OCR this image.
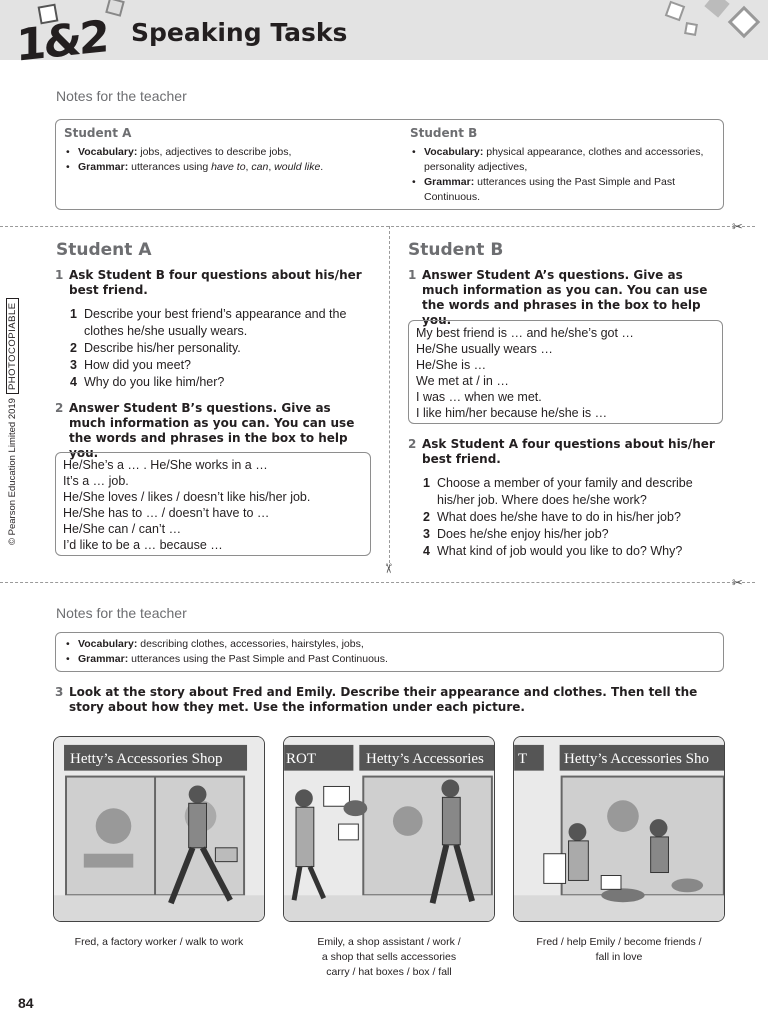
1&2 Speaking Tasks
© Pearson Education Limited 2019
PHOTOCOPIABLE
Notes for the teacher
Student A
• Vocabulary: jobs, adjectives to describe jobs,
• Grammar: utterances using have to, can, would like.
Student B
• Vocabulary: physical appearance, clothes and accessories, personality adjectives,
• Grammar: utterances using the Past Simple and Past Continuous.
✂
✂
✂
Student A
1 Ask Student B four questions about his/her best friend.
1 Describe your best friend’s appearance and the clothes he/she usually wears.
2 Describe his/her personality.
3 How did you meet?
4 Why do you like him/her?
2 Answer Student B’s questions. Give as much information as you can. You can use the words and phrases in the box to help you.
He/She’s a … . He/She works in a …
It’s a … job.
He/She loves / likes / doesn’t like his/her job.
He/She has to … / doesn’t have to …
He/She can / can’t …
I’d like to be a … because …
Student B
1 Answer Student A’s questions. Give as much information as you can. You can use the words and phrases in the box to help you.
My best friend is … and he/she’s got …
He/She usually wears …
He/She is …
We met at / in …
I was … when we met.
I like him/her because he/she is …
2 Ask Student A four questions about his/her best friend.
1 Choose a member of your family and describe his/her job. Where does he/she work?
2 What does he/she have to do in his/her job?
3 Does he/she enjoy his/her job?
4 What kind of job would you like to do? Why?
Notes for the teacher
• Vocabulary: describing clothes, accessories, hairstyles, jobs,
• Grammar: utterances using the Past Simple and Past Continuous.
3 Look at the story about Fred and Emily. Describe their appearance and clothes. Then tell the story about how they met. Use the information under each picture.
Hetty’s Accessories Shop
Fred, a factory worker / walk to work
ROT	Hetty’s Accessories
Emily, a shop assistant / work /
a shop that sells accessories
carry / hat boxes / box / fall
T Hetty’s Accessories Sho
Fred / help Emily / become friends /
fall in love
84
